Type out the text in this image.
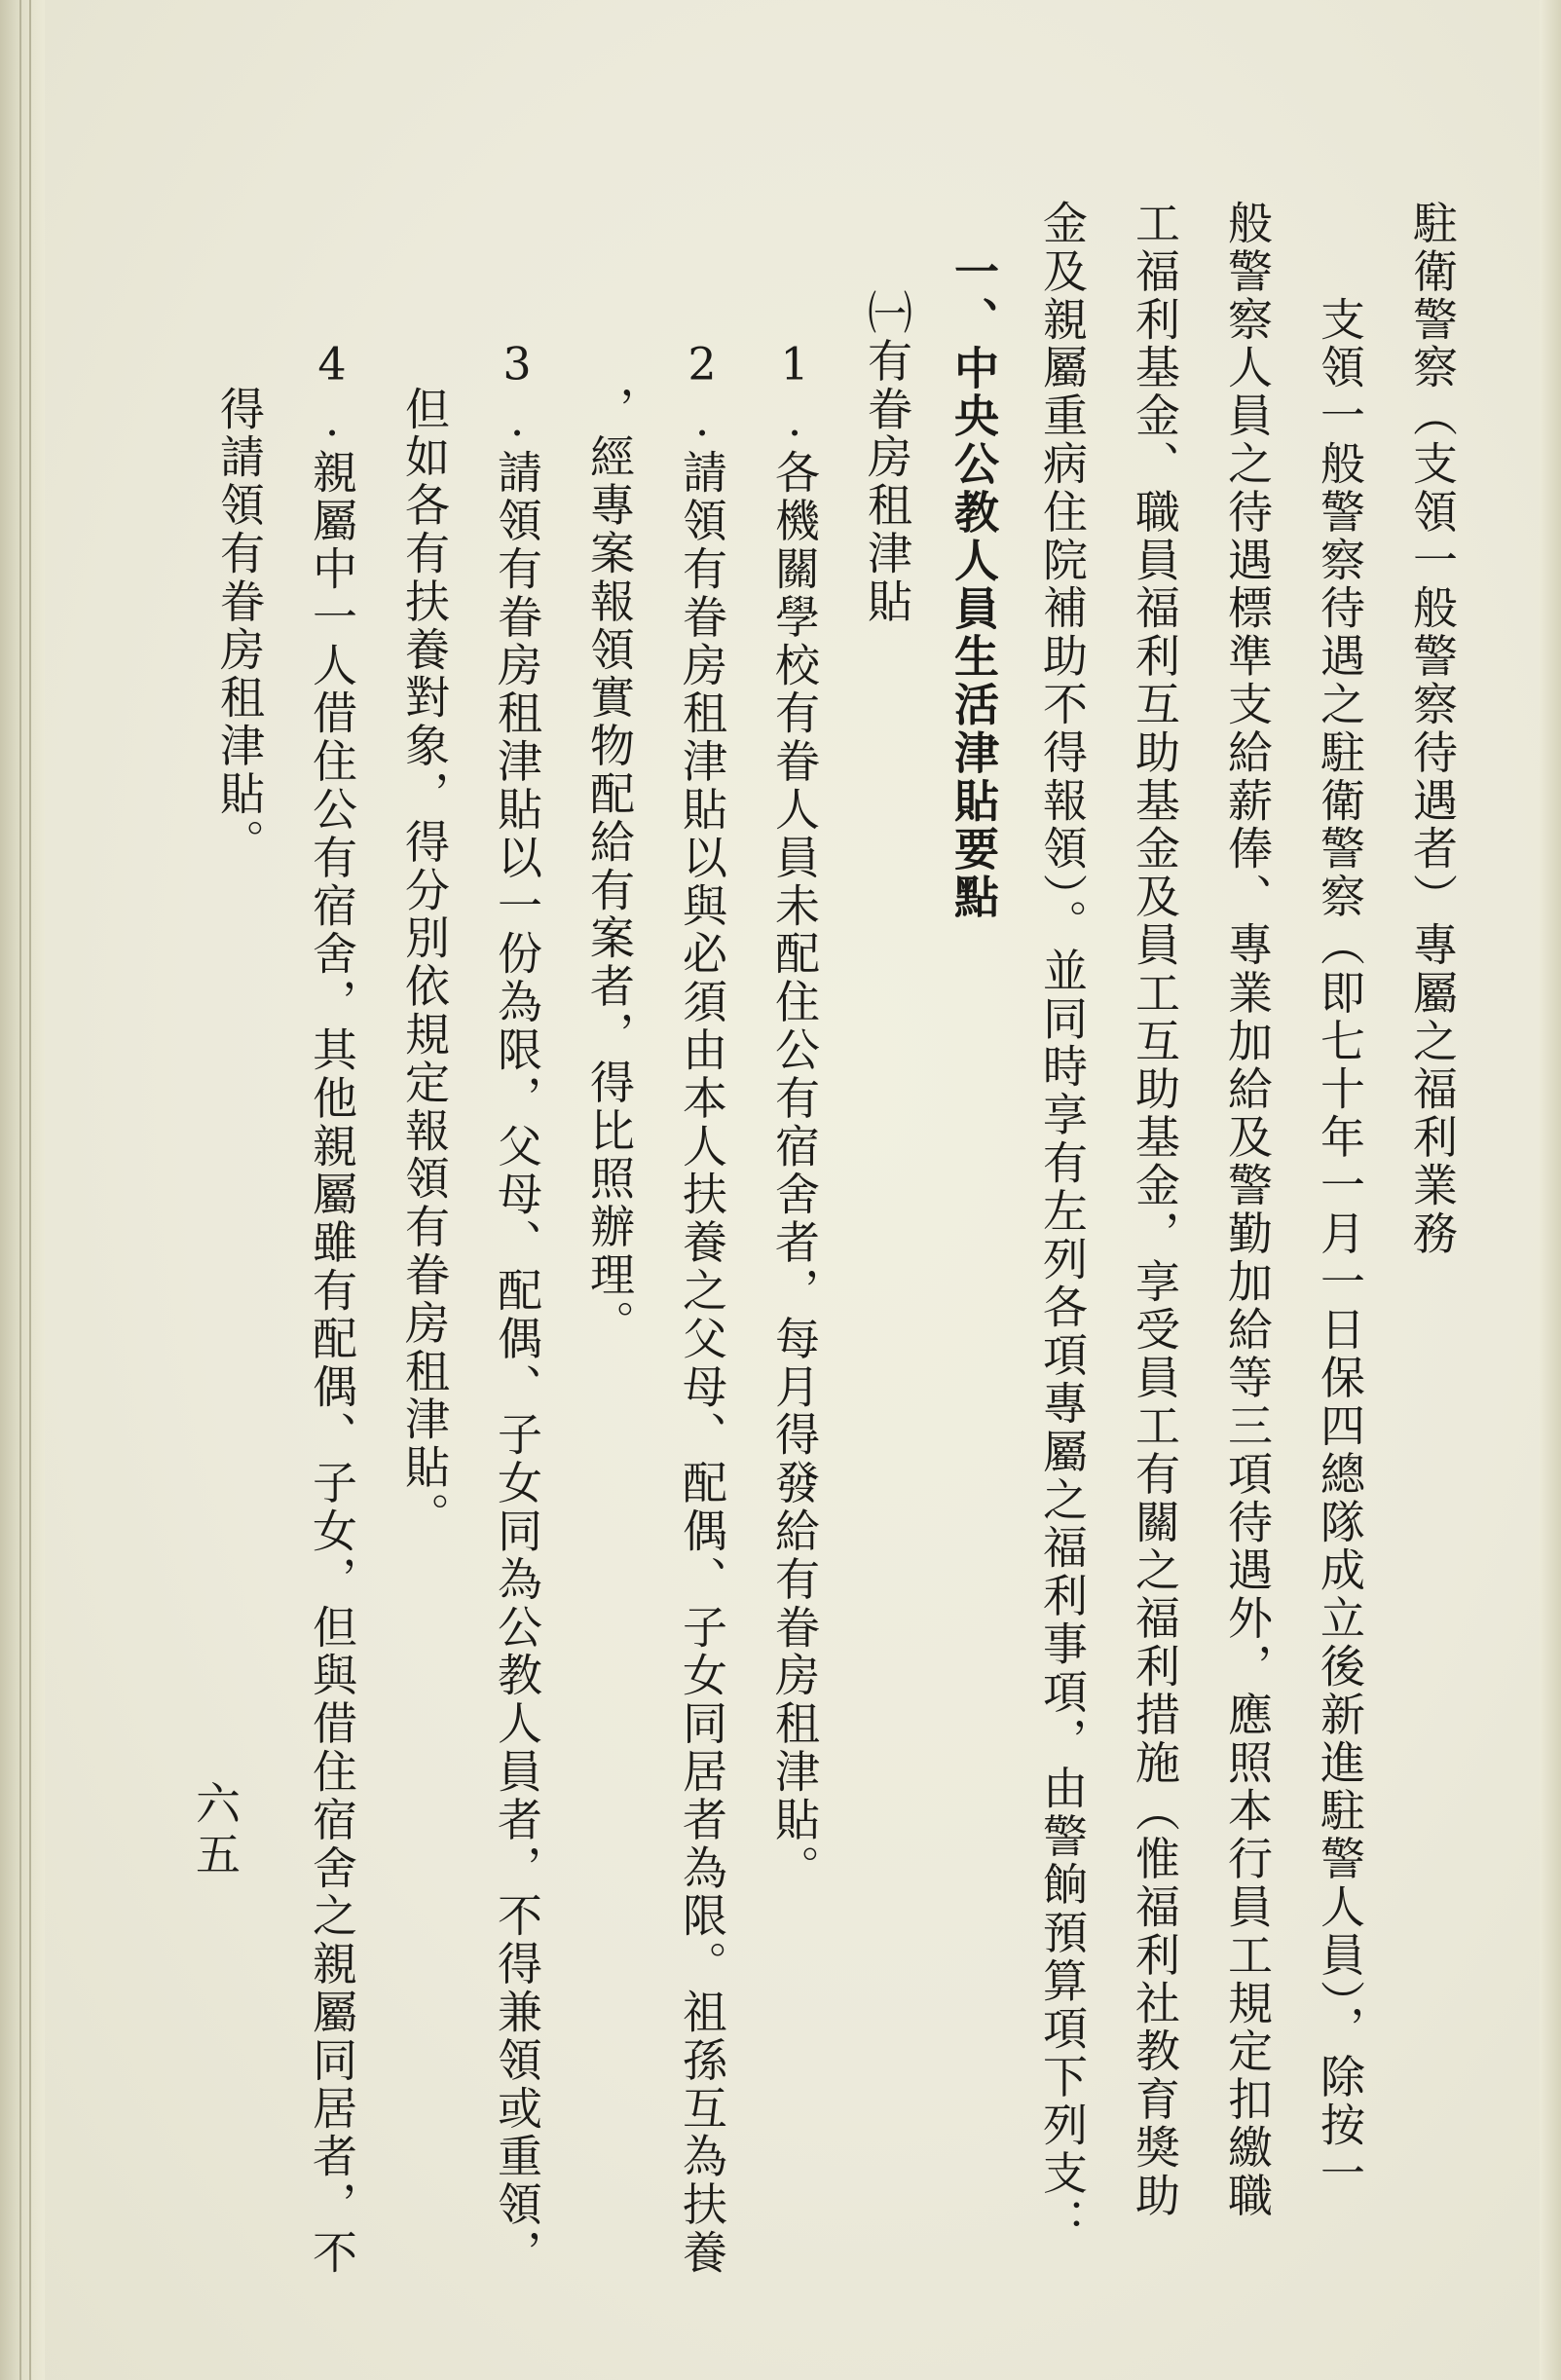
駐衛警察（支領一般警察待遇者）專屬之福利業務
　　支領一般警察待遇之駐衛警察（即七十年一月一日保四總隊成立後新進駐警人員），除按一
般警察人員之待遇標準支給薪俸、專業加給及警勤加給等三項待遇外，應照本行員工規定扣繳職
工福利基金、職員福利互助基金及員工互助基金，享受員工有關之福利措施（惟福利社教育獎助
金及親屬重病住院補助不得報領）。並同時享有左列各項專屬之福利事項，由警餉預算項下列支：
一、中央公教人員生活津貼要點
㈠有眷房租津貼
　1.各機關學校有眷人員未配住公有宿舍者，每月得發給有眷房租津貼。
　2.請領有眷房租津貼以與必須由本人扶養之父母、配偶、子女同居者為限。祖孫互為扶養
　　，經專案報領實物配給有案者，得比照辦理。
　3.請領有眷房租津貼以一份為限，父母、配偶、子女同為公教人員者，不得兼領或重領，
　　但如各有扶養對象，得分別依規定報領有眷房租津貼。
　4.親屬中一人借住公有宿舍，其他親屬雖有配偶、子女，但與借住宿舍之親屬同居者，不
　　得請領有眷房租津貼。
六五
